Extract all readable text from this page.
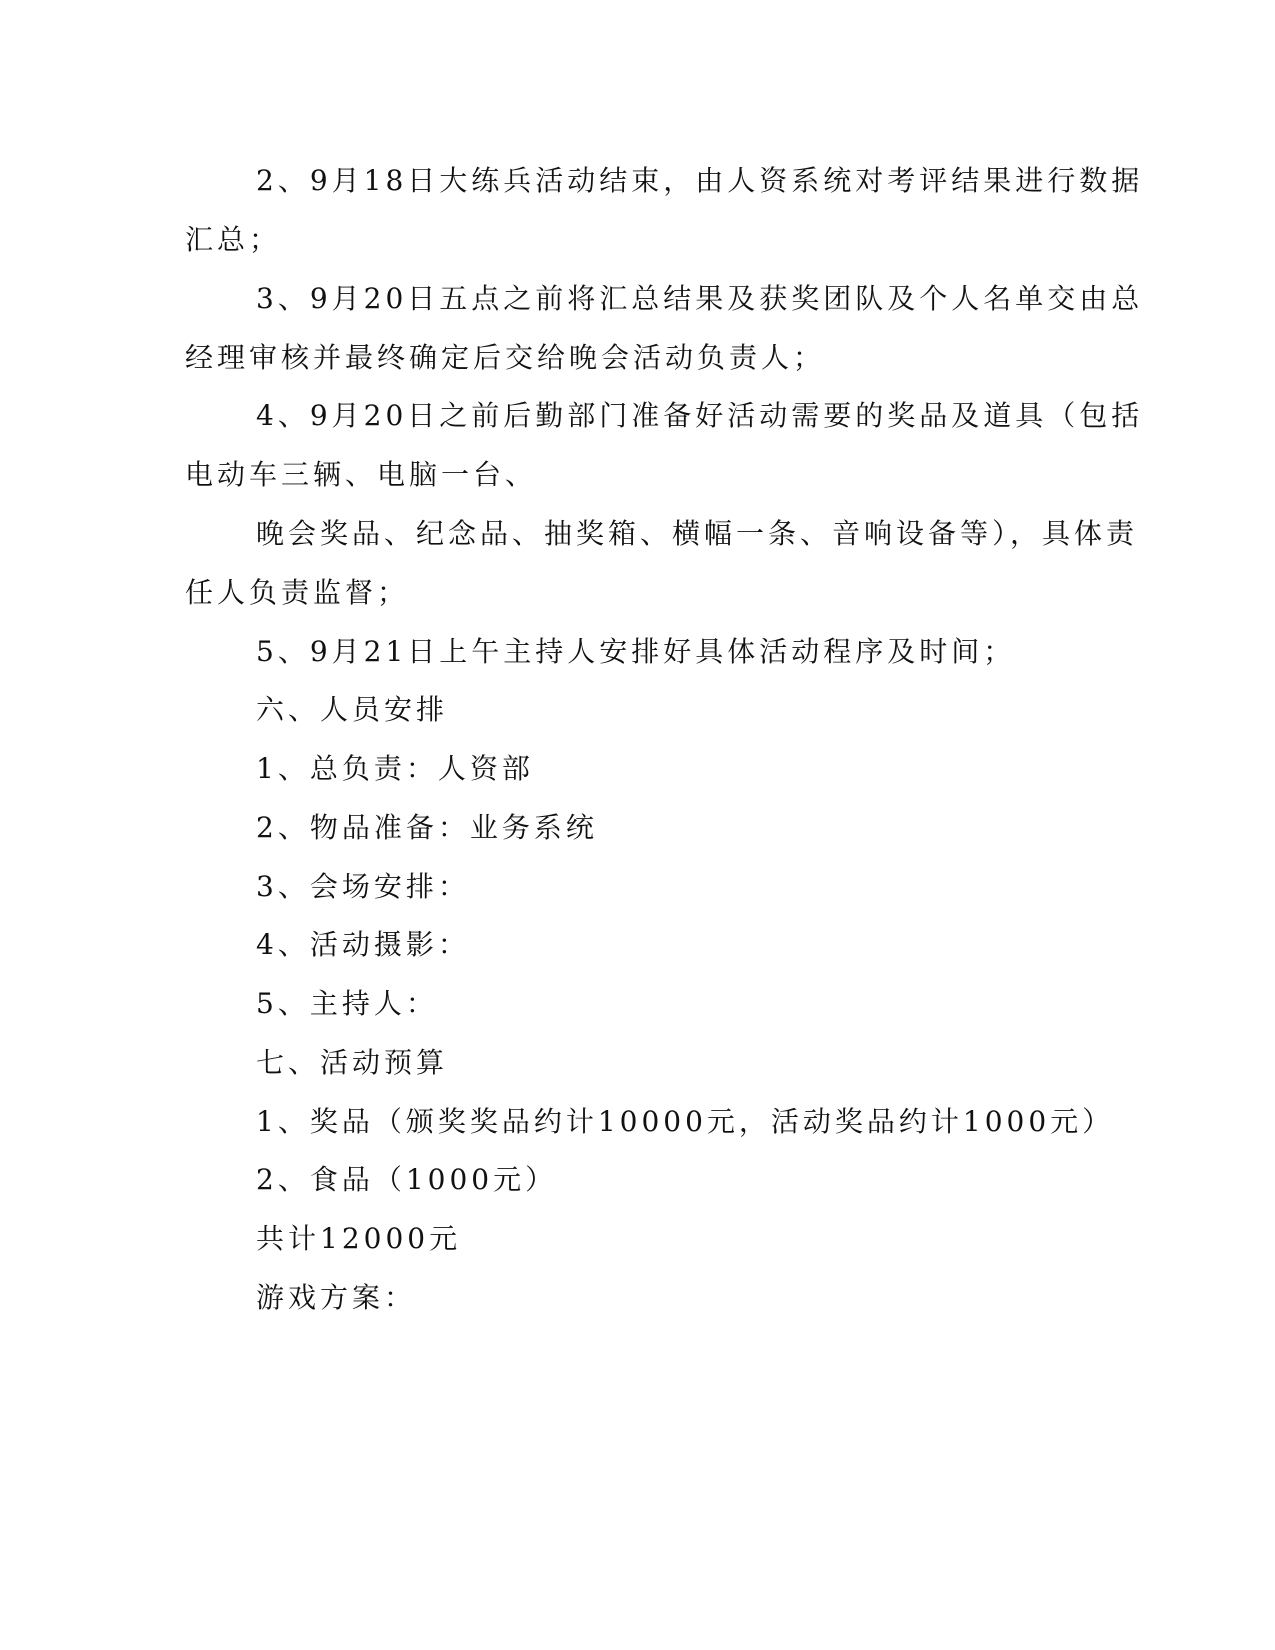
2、9月18日大练兵活动结束，由人资系统对考评结果进行数据
汇总；
3、9月20日五点之前将汇总结果及获奖团队及个人名单交由总
经理审核并最终确定后交给晚会活动负责人；
4、9月20日之前后勤部门准备好活动需要的奖品及道具（包括
电动车三辆、电脑一台、
晚会奖品、纪念品、抽奖箱、横幅一条、音响设备等），具体责
任人负责监督；
5、9月21日上午主持人安排好具体活动程序及时间；
六、人员安排
1、总负责：人资部
2、物品准备：业务系统
3、会场安排：
4、活动摄影：
5、主持人：
七、活动预算
1、奖品（颁奖奖品约计10000元，活动奖品约计1000元）
2、食品（1000元）
共计12000元
游戏方案：
